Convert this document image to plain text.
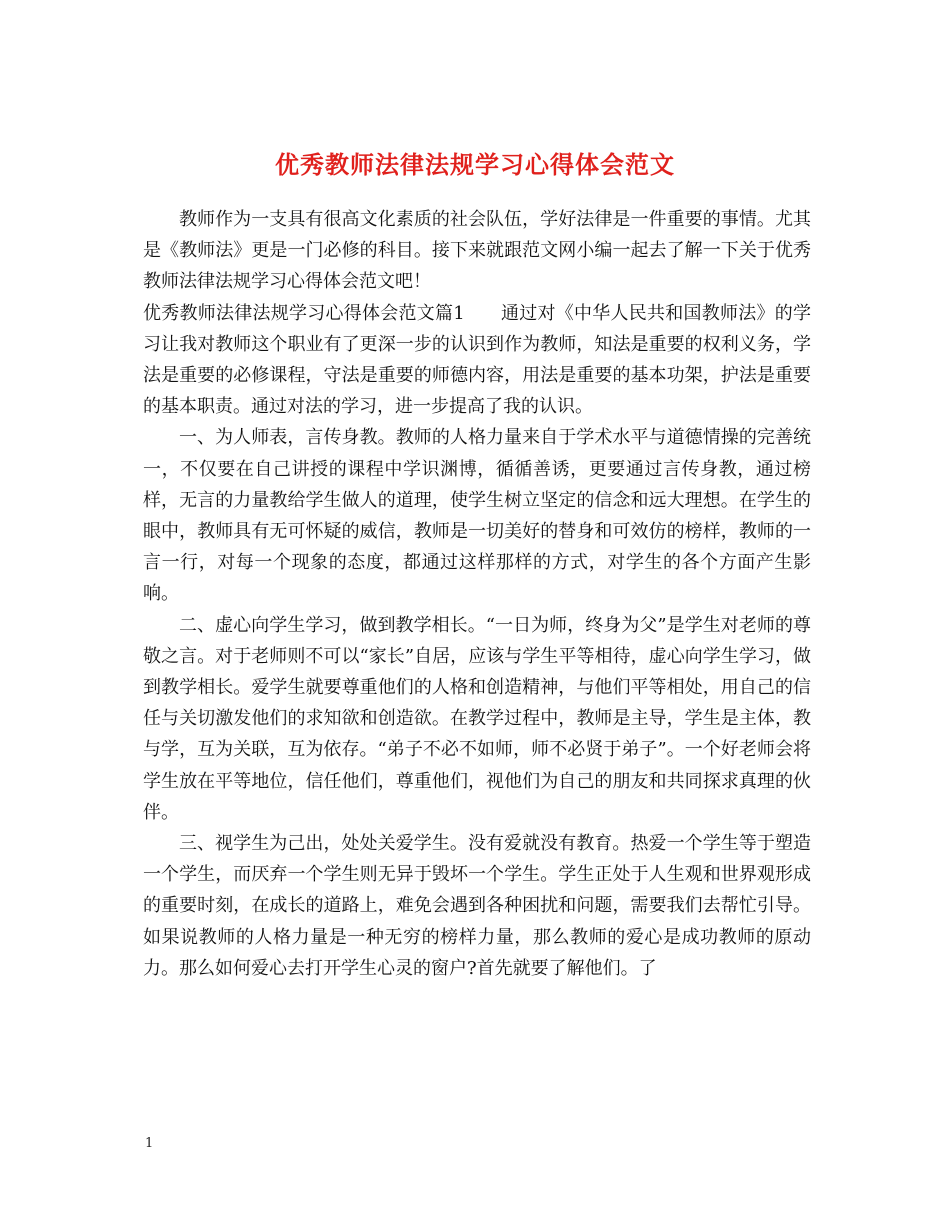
优秀教师法律法规学习心得体会范文

教师作为一支具有很高文化素质的社会队伍，学好法律是一件重要的事情。尤其是《教师法》更是一门必修的科目。接下来就跟范文网小编一起去了解一下关于优秀教师法律法规学习心得体会范文吧！

优秀教师法律法规学习心得体会范文篇1 通过对《中华人民共和国教师法》的学习让我对教师这个职业有了更深一步的认识到作为教师，知法是重要的权利义务，学法是重要的必修课程，守法是重要的师德内容，用法是重要的基本功架，护法是重要的基本职责。通过对法的学习，进一步提高了我的认识。

一、为人师表，言传身教。教师的人格力量来自于学术水平与道德情操的完善统一，不仅要在自己讲授的课程中学识渊博，循循善诱，更要通过言传身教，通过榜样，无言的力量教给学生做人的道理，使学生树立坚定的信念和远大理想。在学生的眼中，教师具有无可怀疑的威信，教师是一切美好的替身和可效仿的榜样，教师的一言一行，对每一个现象的态度，都通过这样那样的方式，对学生的各个方面产生影响。

二、虚心向学生学习，做到教学相长。“一日为师，终身为父”是学生对老师的尊敬之言。对于老师则不可以“家长”自居，应该与学生平等相待，虚心向学生学习，做到教学相长。爱学生就要尊重他们的人格和创造精神，与他们平等相处，用自己的信任与关切激发他们的求知欲和创造欲。在教学过程中，教师是主导，学生是主体，教与学，互为关联，互为依存。“弟子不必不如师，师不必贤于弟子”。一个好老师会将学生放在平等地位，信任他们，尊重他们，视他们为自己的朋友和共同探求真理的伙伴。

三、视学生为己出，处处关爱学生。没有爱就没有教育。热爱一个学生等于塑造一个学生，而厌弃一个学生则无异于毁坏一个学生。学生正处于人生观和世界观形成的重要时刻，在成长的道路上，难免会遇到各种困扰和问题，需要我们去帮忙引导。如果说教师的人格力量是一种无穷的榜样力量，那么教师的爱心是成功教师的原动力。那么如何爱心去打开学生心灵的窗户?首先就要了解他们。了

1
